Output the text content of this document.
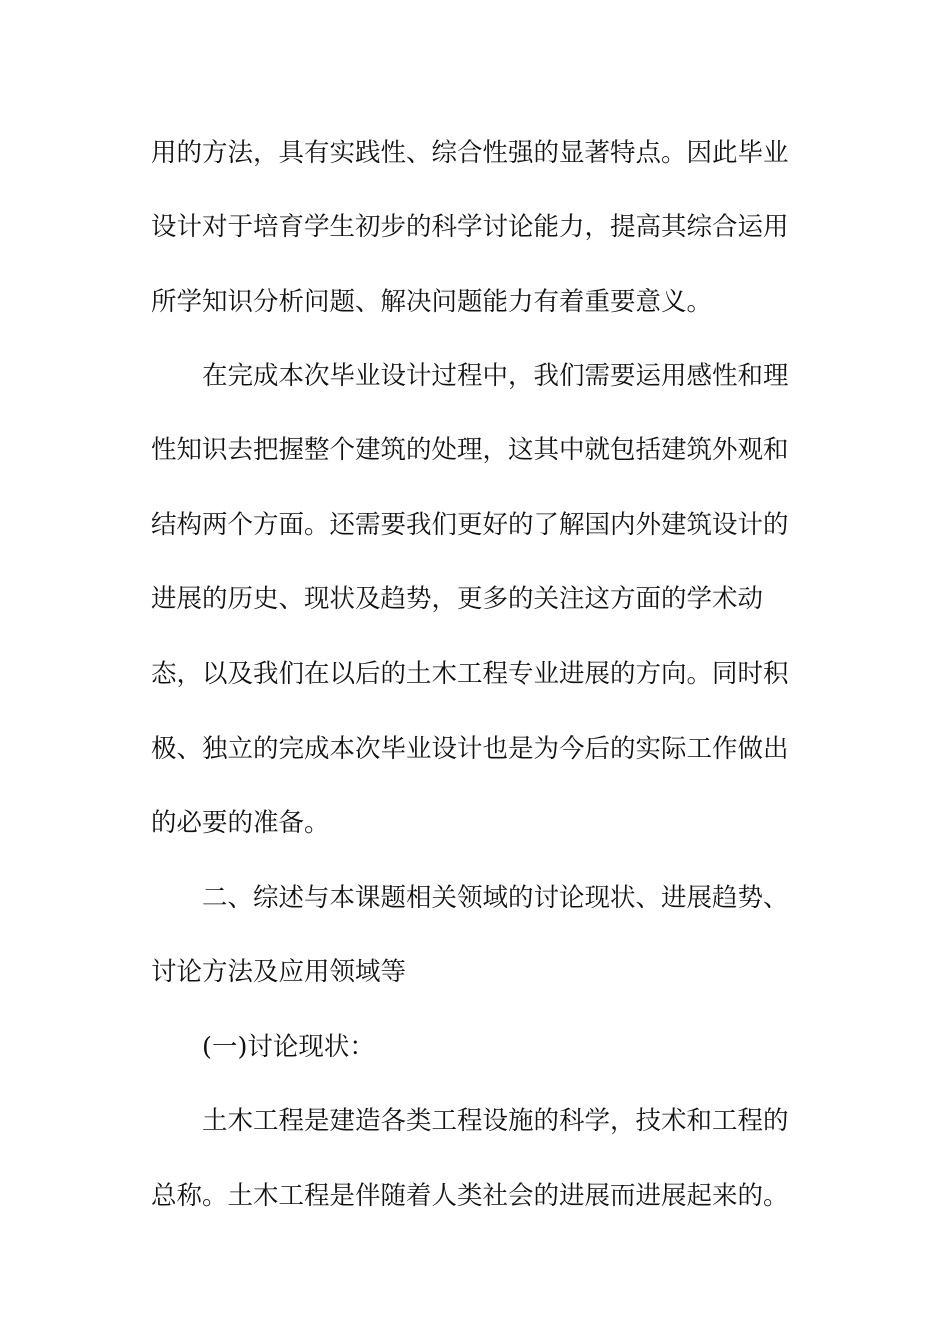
用的方法，具有实践性、综合性强的显著特点。因此毕业
设计对于培育学生初步的科学讨论能力，提高其综合运用
所学知识分析问题、解决问题能力有着重要意义。
在完成本次毕业设计过程中，我们需要运用感性和理
性知识去把握整个建筑的处理，这其中就包括建筑外观和
结构两个方面。还需要我们更好的了解国内外建筑设计的
进展的历史、现状及趋势，更多的关注这方面的学术动
态，以及我们在以后的土木工程专业进展的方向。同时积
极、独立的完成本次毕业设计也是为今后的实际工作做出
的必要的准备。
二、综述与本课题相关领域的讨论现状、进展趋势、
讨论方法及应用领域等
(一)讨论现状：
土木工程是建造各类工程设施的科学，技术和工程的
总称。土木工程是伴随着人类社会的进展而进展起来的。
